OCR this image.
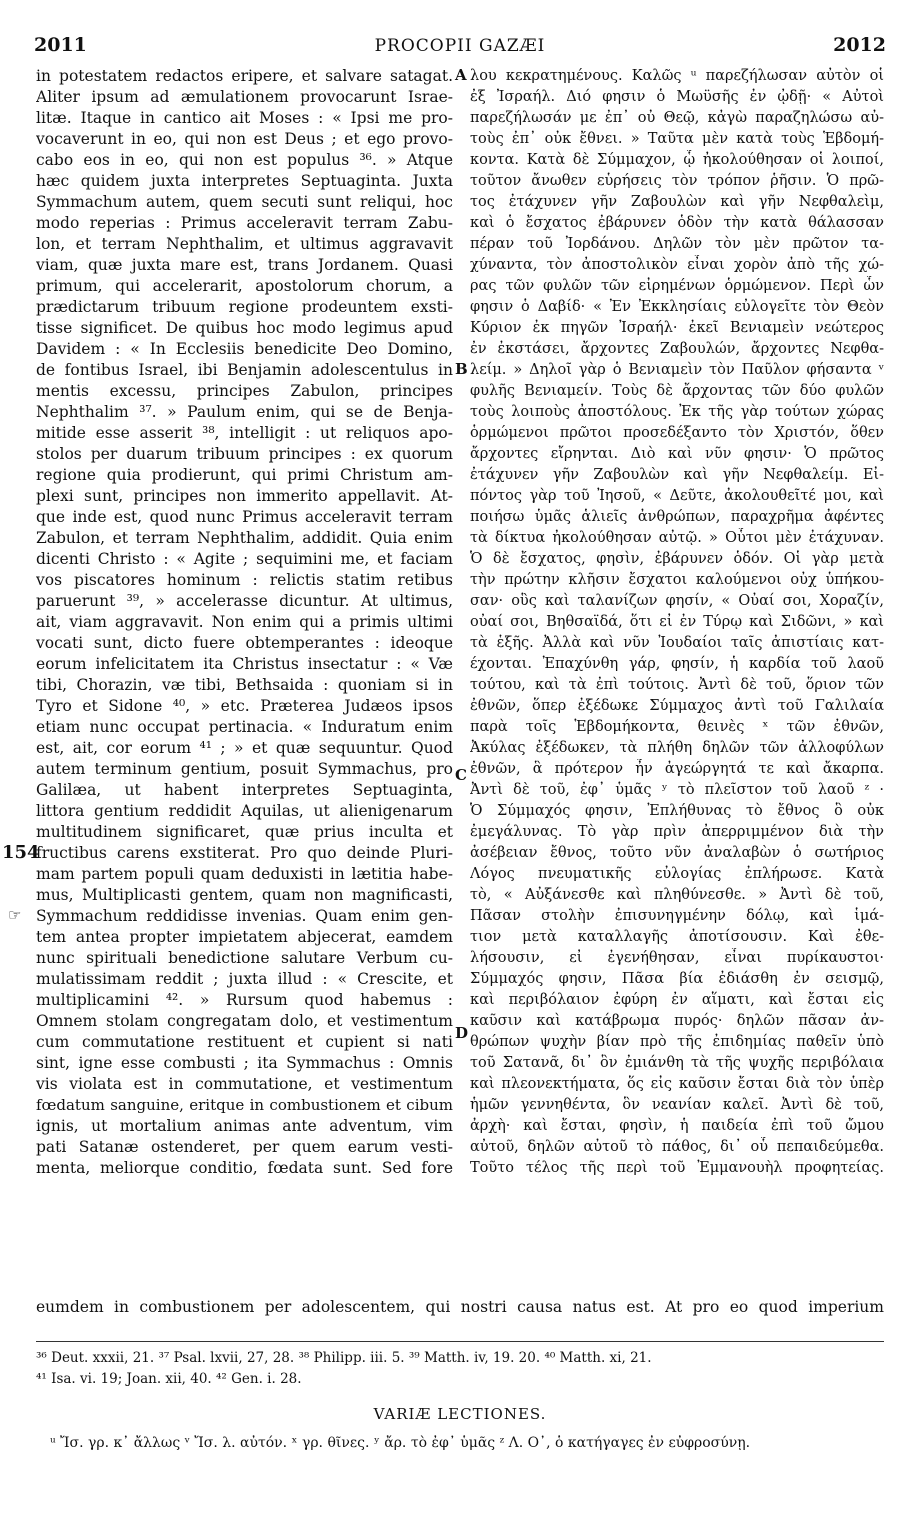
2011	PROCOPII GAZÆI	2012
in potestatem redactos eripere, et salvare satagat.
Aliter ipsum ad æmulationem provocarunt Israe-
litæ. Itaque in cantico ait Moses : « Ipsi me pro-
vocaverunt in eo, qui non est Deus ; et ego provo-
cabo eos in eo, qui non est populus ³⁶. » Atque
hæc quidem juxta interpretes Septuaginta. Juxta
Symmachum autem, quem secuti sunt reliqui, hoc
modo reperias : Primus acceleravit terram Zabu-
lon, et terram Nephthalim, et ultimus aggravavit
viam, quæ juxta mare est, trans Jordanem. Quasi
primum, qui accelerarit, apostolorum chorum, a
prædictarum tribuum regione prodeuntem exsti-
tisse significet. De quibus hoc modo legimus apud
Davidem : « In Ecclesiis benedicite Deo Domino,
de fontibus Israel, ibi Benjamin adolescentulus in
mentis excessu, principes Zabulon, principes
Nephthalim ³⁷. » Paulum enim, qui se de Benja-
mitide esse asserit ³⁸, intelligit : ut reliquos apo-
stolos per duarum tribuum principes : ex quorum
regione quia prodierunt, qui primi Christum am-
plexi sunt, principes non immerito appellavit. At-
que inde est, quod nunc Primus acceleravit terram
Zabulon, et terram Nephthalim, addidit. Quia enim
dicenti Christo : « Agite ; sequimini me, et faciam
vos piscatores hominum : relictis statim retibus
paruerunt ³⁹, » accelerasse dicuntur. At ultimus,
ait, viam aggravavit. Non enim qui a primis ultimi
vocati sunt, dicto fuere obtemperantes : ideoque
eorum infelicitatem ita Christus insectatur : « Væ
tibi, Chorazin, væ tibi, Bethsaida : quoniam si in
Tyro et Sidone ⁴⁰, » etc. Præterea Judæos ipsos
etiam nunc occupat pertinacia. « Induratum enim
est, ait, cor eorum ⁴¹ ; » et quæ sequuntur. Quod
autem terminum gentium, posuit Symmachus, pro
Galilæa, ut habent interpretes Septuaginta,
littora gentium reddidit Aquilas, ut alienigenarum
multitudinem significaret, quæ prius inculta et
fructibus carens exstiterat. Pro quo deinde Pluri-
mam partem populi quam deduxisti in lætitia habe-
mus, Multiplicasti gentem, quam non magnificasti,
Symmachum reddidisse invenias. Quam enim gen-
tem antea propter impietatem abjecerat, eamdem
nunc spirituali benedictione salutare Verbum cu-
mulatissimam reddit ; juxta illud : « Crescite, et
multiplicamini ⁴². » Rursum quod habemus :
Omnem stolam congregatam dolo, et vestimentum
cum commutatione restituent et cupient si nati
sint, igne esse combusti ; ita Symmachus : Omnis
vis violata est in commutatione, et vestimentum
fœdatum sanguine, eritque in combustionem et cibum
ignis, ut mortalium animas ante adventum, vim
pati Satanæ ostenderet, per quem earum vesti-
menta, meliorque conditio, fœdata sunt. Sed fore
λου κεκρατημένους. Καλῶς ᵘ παρεζήλωσαν αὐτὸν οἱ
ἐξ Ἰσραήλ. Διό φησιν ὁ Μωϋσῆς ἐν ᾠδῇ· « Αὐτοὶ
παρεζήλωσάν με ἐπ᾽ οὐ Θεῷ, κἀγὼ παραζηλώσω αὐ-
τοὺς ἐπ᾽ οὐκ ἔθνει. » Ταῦτα μὲν κατὰ τοὺς Ἑβδομή-
κοντα. Κατὰ δὲ Σύμμαχον, ᾧ ἠκολούθησαν οἱ λοιποί,
τοῦτον ἄνωθεν εὑρήσεις τὸν τρόπον ῥῆσιν. Ὁ πρῶ-
τος ἐτάχυνεν γῆν Ζαβουλὼν καὶ γῆν Νεφθαλεὶμ,
καὶ ὁ ἔσχατος ἐβάρυνεν ὁδὸν τὴν κατὰ θάλασσαν
πέραν τοῦ Ἰορδάνου. Δηλῶν τὸν μὲν πρῶτον τα-
χύναντα, τὸν ἀποστολικὸν εἶναι χορὸν ἀπὸ τῆς χώ-
ρας τῶν φυλῶν τῶν εἰρημένων ὁρμώμενον. Περὶ ὧν
φησιν ὁ Δαβίδ· « Ἐν Ἐκκλησίαις εὐλογεῖτε τὸν Θεὸν
Κύριον ἐκ πηγῶν Ἰσραήλ· ἐκεῖ Βενιαμεὶν νεώτερος
ἐν ἐκστάσει, ἄρχοντες Ζαβουλών, ἄρχοντες Νεφθα-
λείμ. » Δηλοῖ γὰρ ὁ Βενιαμεὶν τὸν Παῦλον φήσαντα ᵛ
φυλῆς Βενιαμείν. Τοὺς δὲ ἄρχοντας τῶν δύο φυλῶν
τοὺς λοιποὺς ἀποστόλους. Ἐκ τῆς γὰρ τούτων χώρας
ὁρμώμενοι πρῶτοι προσεδέξαντο τὸν Χριστόν, ὅθεν
ἄρχοντες εἴρηνται. Διὸ καὶ νῦν φησιν· Ὁ πρῶτος
ἐτάχυνεν γῆν Ζαβουλὼν καὶ γῆν Νεφθαλείμ. Εἰ-
πόντος γὰρ τοῦ Ἰησοῦ, « Δεῦτε, ἀκολουθεῖτέ μοι, καὶ
ποιήσω ὑμᾶς ἁλιεῖς ἀνθρώπων, παραχρῆμα ἀφέντες
τὰ δίκτυα ἠκολούθησαν αὐτῷ. » Οὗτοι μὲν ἐτάχυναν.
Ὁ δὲ ἔσχατος, φησὶν, ἐβάρυνεν ὁδόν. Οἱ γὰρ μετὰ
τὴν πρώτην κλῆσιν ἔσχατοι καλούμενοι οὐχ ὑπήκου-
σαν· οὓς καὶ ταλανίζων φησίν, « Οὐαί σοι, Χοραζίν,
οὐαί σοι, Βηθσαϊδά, ὅτι εἰ ἐν Τύρῳ καὶ Σιδῶνι, » καὶ
τὰ ἑξῆς. Ἀλλὰ καὶ νῦν Ἰουδαίοι ταῖς ἀπιστίαις κατ-
έχονται. Ἐπαχύνθη γάρ, φησίν, ἡ καρδία τοῦ λαοῦ
τούτου, καὶ τὰ ἐπὶ τούτοις. Ἀντὶ δὲ τοῦ, ὅριον τῶν
ἐθνῶν, ὅπερ ἐξέδωκε Σύμμαχος ἀντὶ τοῦ Γαλιλαία
παρὰ τοῖς Ἑβδομήκοντα, θεινὲς ˣ τῶν ἐθνῶν,
Ἀκύλας ἐξέδωκεν, τὰ πλήθη δηλῶν τῶν ἀλλοφύλων
ἐθνῶν, ἃ πρότερον ἦν ἀγεώργητά τε καὶ ἄκαρπα.
Ἀντὶ δὲ τοῦ, ἐφ᾽ ὑμᾶς ʸ τὸ πλεῖστον τοῦ λαοῦ ᶻ ·
Ὁ Σύμμαχός φησιν, Ἐπλήθυνας τὸ ἔθνος ὃ οὐκ
ἐμεγάλυνας. Τὸ γὰρ πρὶν ἀπερριμμένον διὰ τὴν
ἀσέβειαν ἔθνος, τοῦτο νῦν ἀναλαβὼν ὁ σωτήριος
Λόγος πνευματικῆς εὐλογίας ἐπλήρωσε. Κατὰ
τὸ, « Αὐξάνεσθε καὶ πληθύνεσθε. » Ἀντὶ δὲ τοῦ,
Πᾶσαν στολὴν ἐπισυνηγμένην δόλῳ, καὶ ἱμά-
τιον μετὰ καταλλαγῆς ἀποτίσουσιν. Καὶ ἐθε-
λήσουσιν, εἰ ἐγενήθησαν, εἶναι πυρίκαυστοι·
Σύμμαχός φησιν, Πᾶσα βία ἐδιάσθη ἐν σεισμῷ,
καὶ περιβόλαιον ἐφύρη ἐν αἵματι, καὶ ἔσται εἰς
καῦσιν καὶ κατάβρωμα πυρός· δηλῶν πᾶσαν ἀν-
θρώπων ψυχὴν βίαν πρὸ τῆς ἐπιδημίας παθεῖν ὑπὸ
τοῦ Σατανᾶ, δι᾽ ὃν ἐμιάνθη τὰ τῆς ψυχῆς περιβόλαια
καὶ πλεονεκτήματα, ὅς εἰς καῦσιν ἔσται διὰ τὸν ὑπὲρ
ἡμῶν γεννηθέντα, ὃν νεανίαν καλεῖ. Ἀντὶ δὲ τοῦ,
ἀρχὴ· καὶ ἔσται, φησὶν, ἡ παιδεία ἐπὶ τοῦ ὤμου
αὐτοῦ, δηλῶν αὐτοῦ τὸ πάθος, δι᾽ οὗ πεπαιδεύμεθα.
Τοῦτο τέλος τῆς περὶ τοῦ Ἐμμανουὴλ προφητείας.
A
B
C
D
154
☞
eumdem in combustionem per adolescentem, qui nostri causa natus est. At pro eo quod imperium
³⁶ Deut. xxxii, 21. ³⁷ Psal. lxvii, 27, 28. ³⁸ Philipp. iii. 5. ³⁹ Matth. iv, 19. 20. ⁴⁰ Matth. xi, 21.
⁴¹ Isa. vi. 19; Joan. xii, 40. ⁴² Gen. i. 28.
VARIÆ LECTIONES.
ᵘ Ἴσ. γρ. κ᾽ ἄλλως ᵛ Ἴσ. λ. αὐτόν. ˣ γρ. θῖνες. ʸ ἄρ. τὸ ἐφ᾽ ὑμᾶς ᶻ Λ. Ο᾽, ὁ κατήγαγες ἐν εὐφροσύνῃ.
